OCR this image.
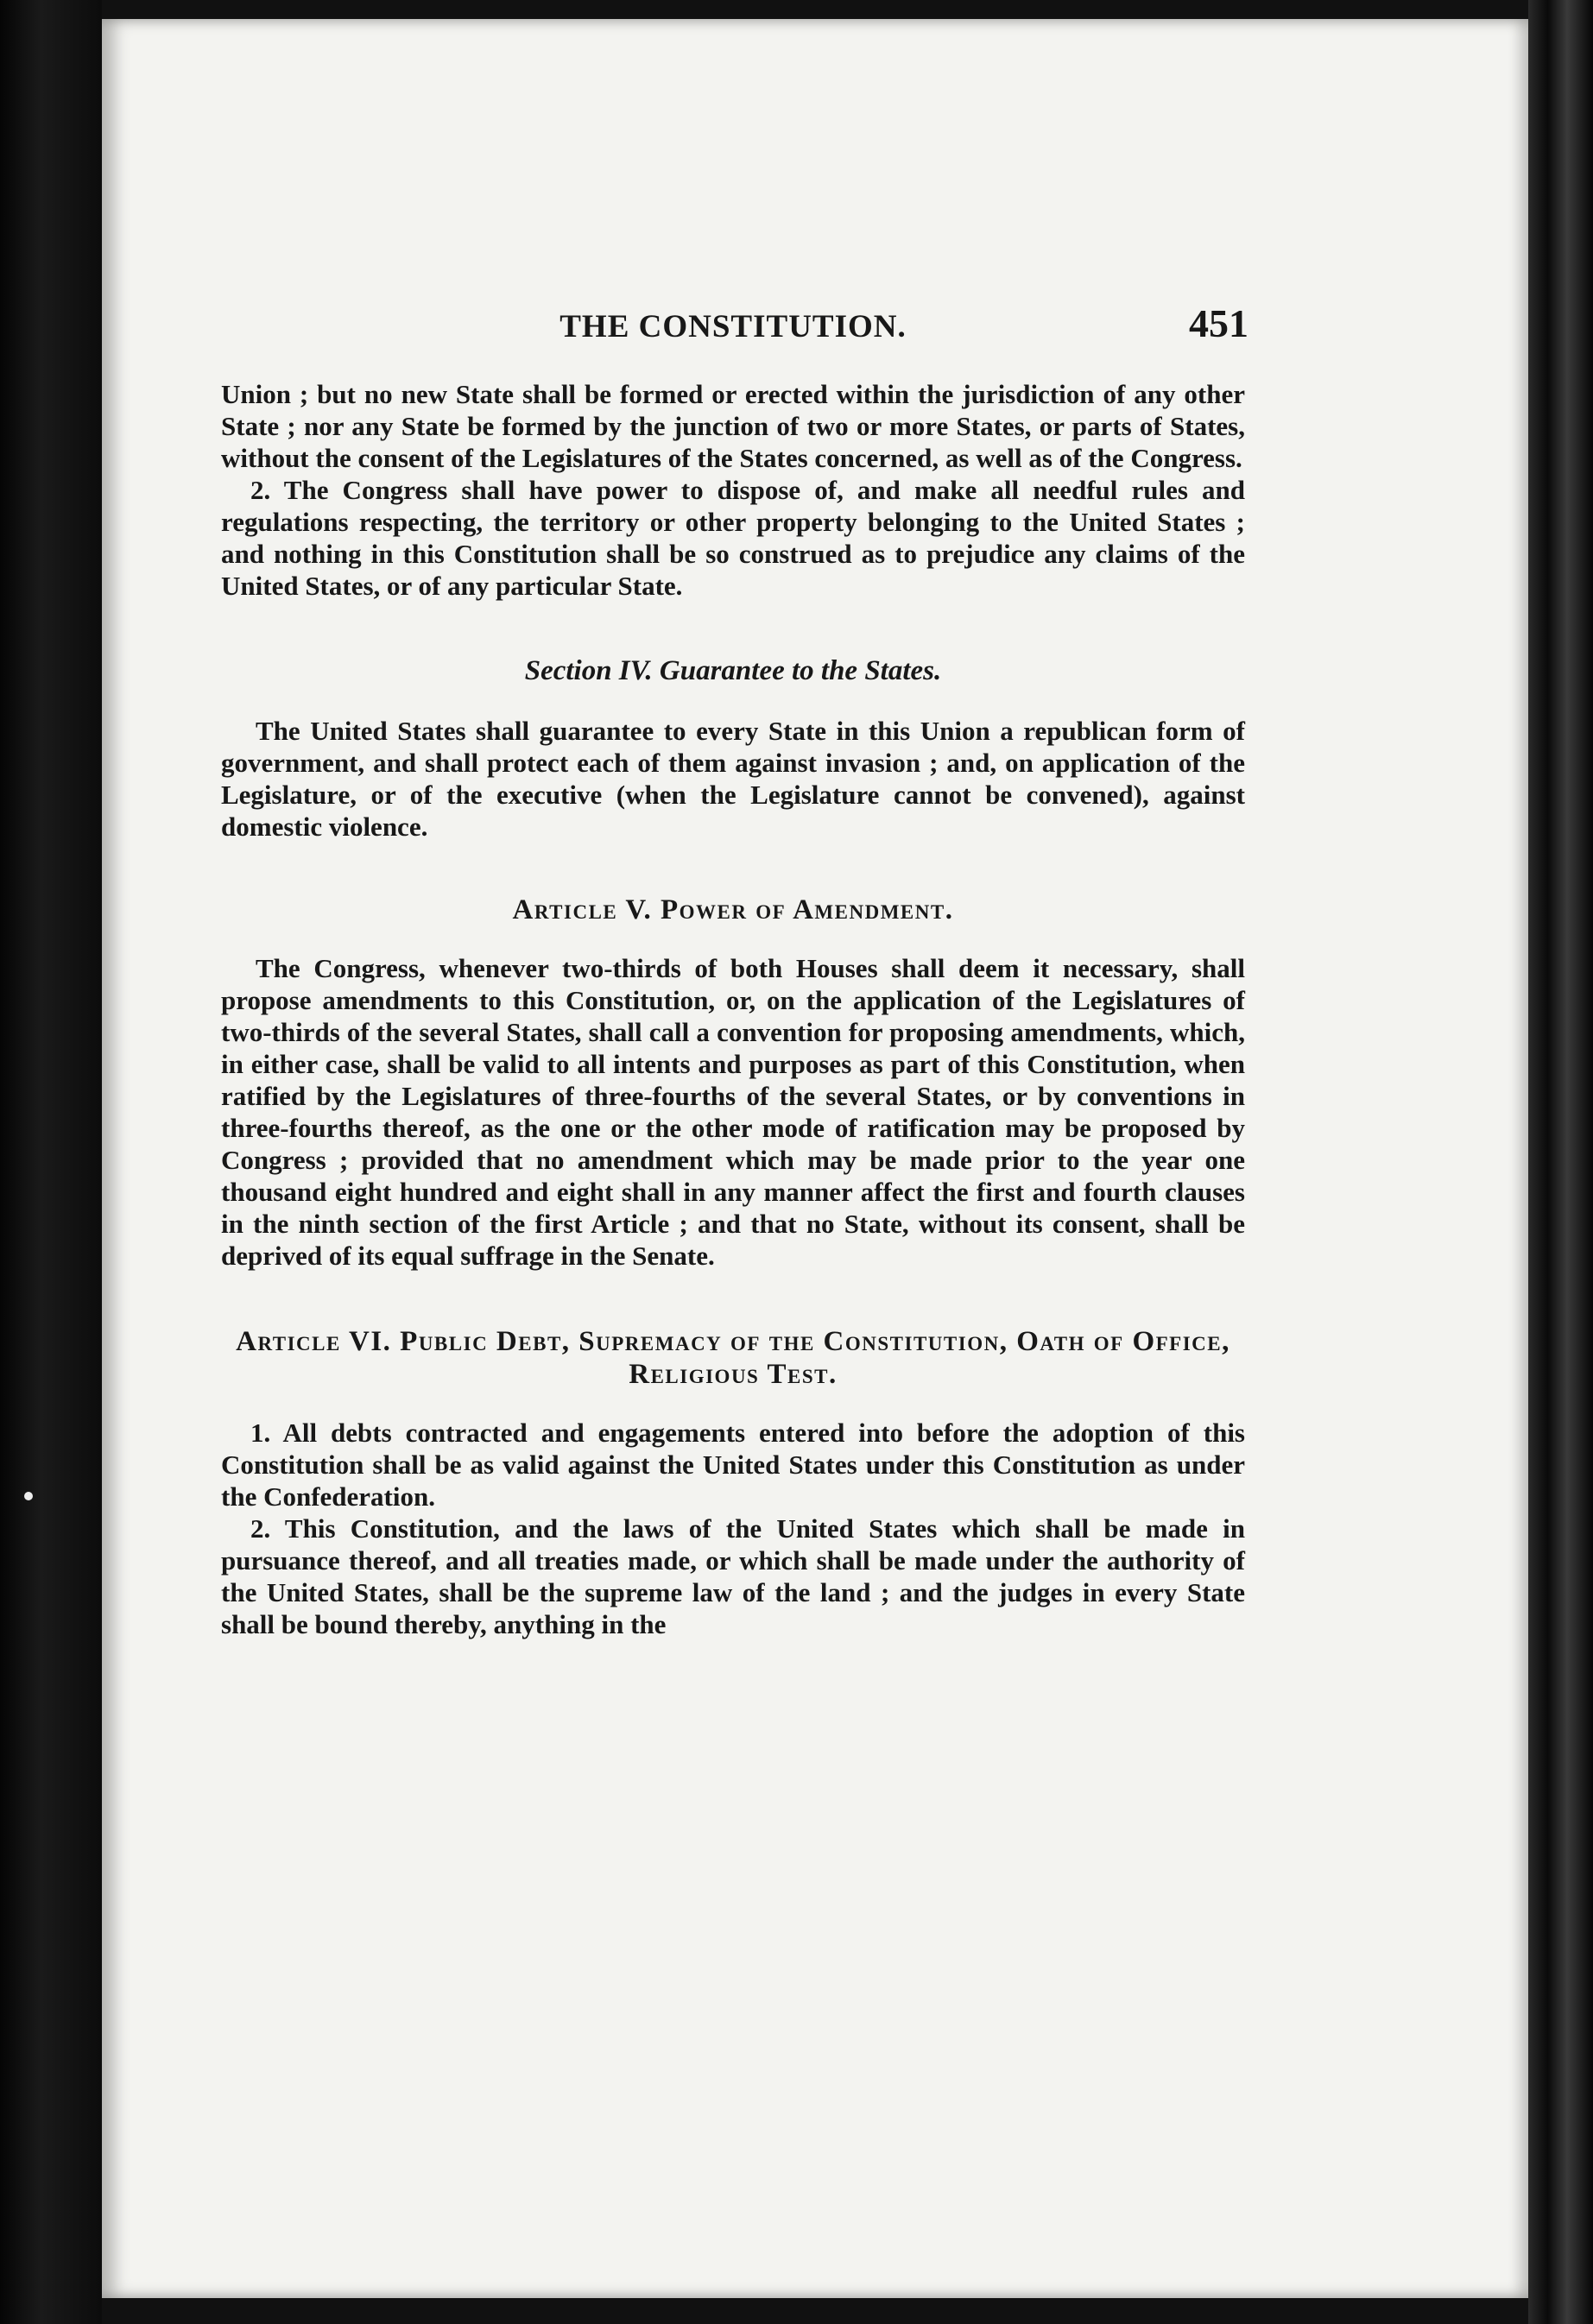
THE CONSTITUTION.	451

Union ; but no new State shall be formed or erected within the jurisdiction of any other State ; nor any State be formed by the junction of two or more States, or parts of States, without the consent of the Legislatures of the States concerned, as well as of the Congress.

2. The Congress shall have power to dispose of, and make all needful rules and regulations respecting, the territory or other property belonging to the United States ; and nothing in this Constitution shall be so construed as to prejudice any claims of the United States, or of any particular State.

Section IV. Guarantee to the States.

The United States shall guarantee to every State in this Union a republican form of government, and shall protect each of them against invasion ; and, on application of the Legislature, or of the executive (when the Legislature cannot be convened), against domestic violence.

Article V. Power of Amendment.

The Congress, whenever two-thirds of both Houses shall deem it necessary, shall propose amendments to this Constitution, or, on the application of the Legislatures of two-thirds of the several States, shall call a convention for proposing amendments, which, in either case, shall be valid to all intents and purposes as part of this Constitution, when ratified by the Legislatures of three-fourths of the several States, or by conventions in three-fourths thereof, as the one or the other mode of ratification may be proposed by Congress ; provided that no amendment which may be made prior to the year one thousand eight hundred and eight shall in any manner affect the first and fourth clauses in the ninth section of the first Article ; and that no State, without its consent, shall be deprived of its equal suffrage in the Senate.

Article VI. Public Debt, Supremacy of the Constitution, Oath of Office, Religious Test.

1. All debts contracted and engagements entered into before the adoption of this Constitution shall be as valid against the United States under this Constitution as under the Confederation.

2. This Constitution, and the laws of the United States which shall be made in pursuance thereof, and all treaties made, or which shall be made under the authority of the United States, shall be the supreme law of the land ; and the judges in every State shall be bound thereby, anything in the
